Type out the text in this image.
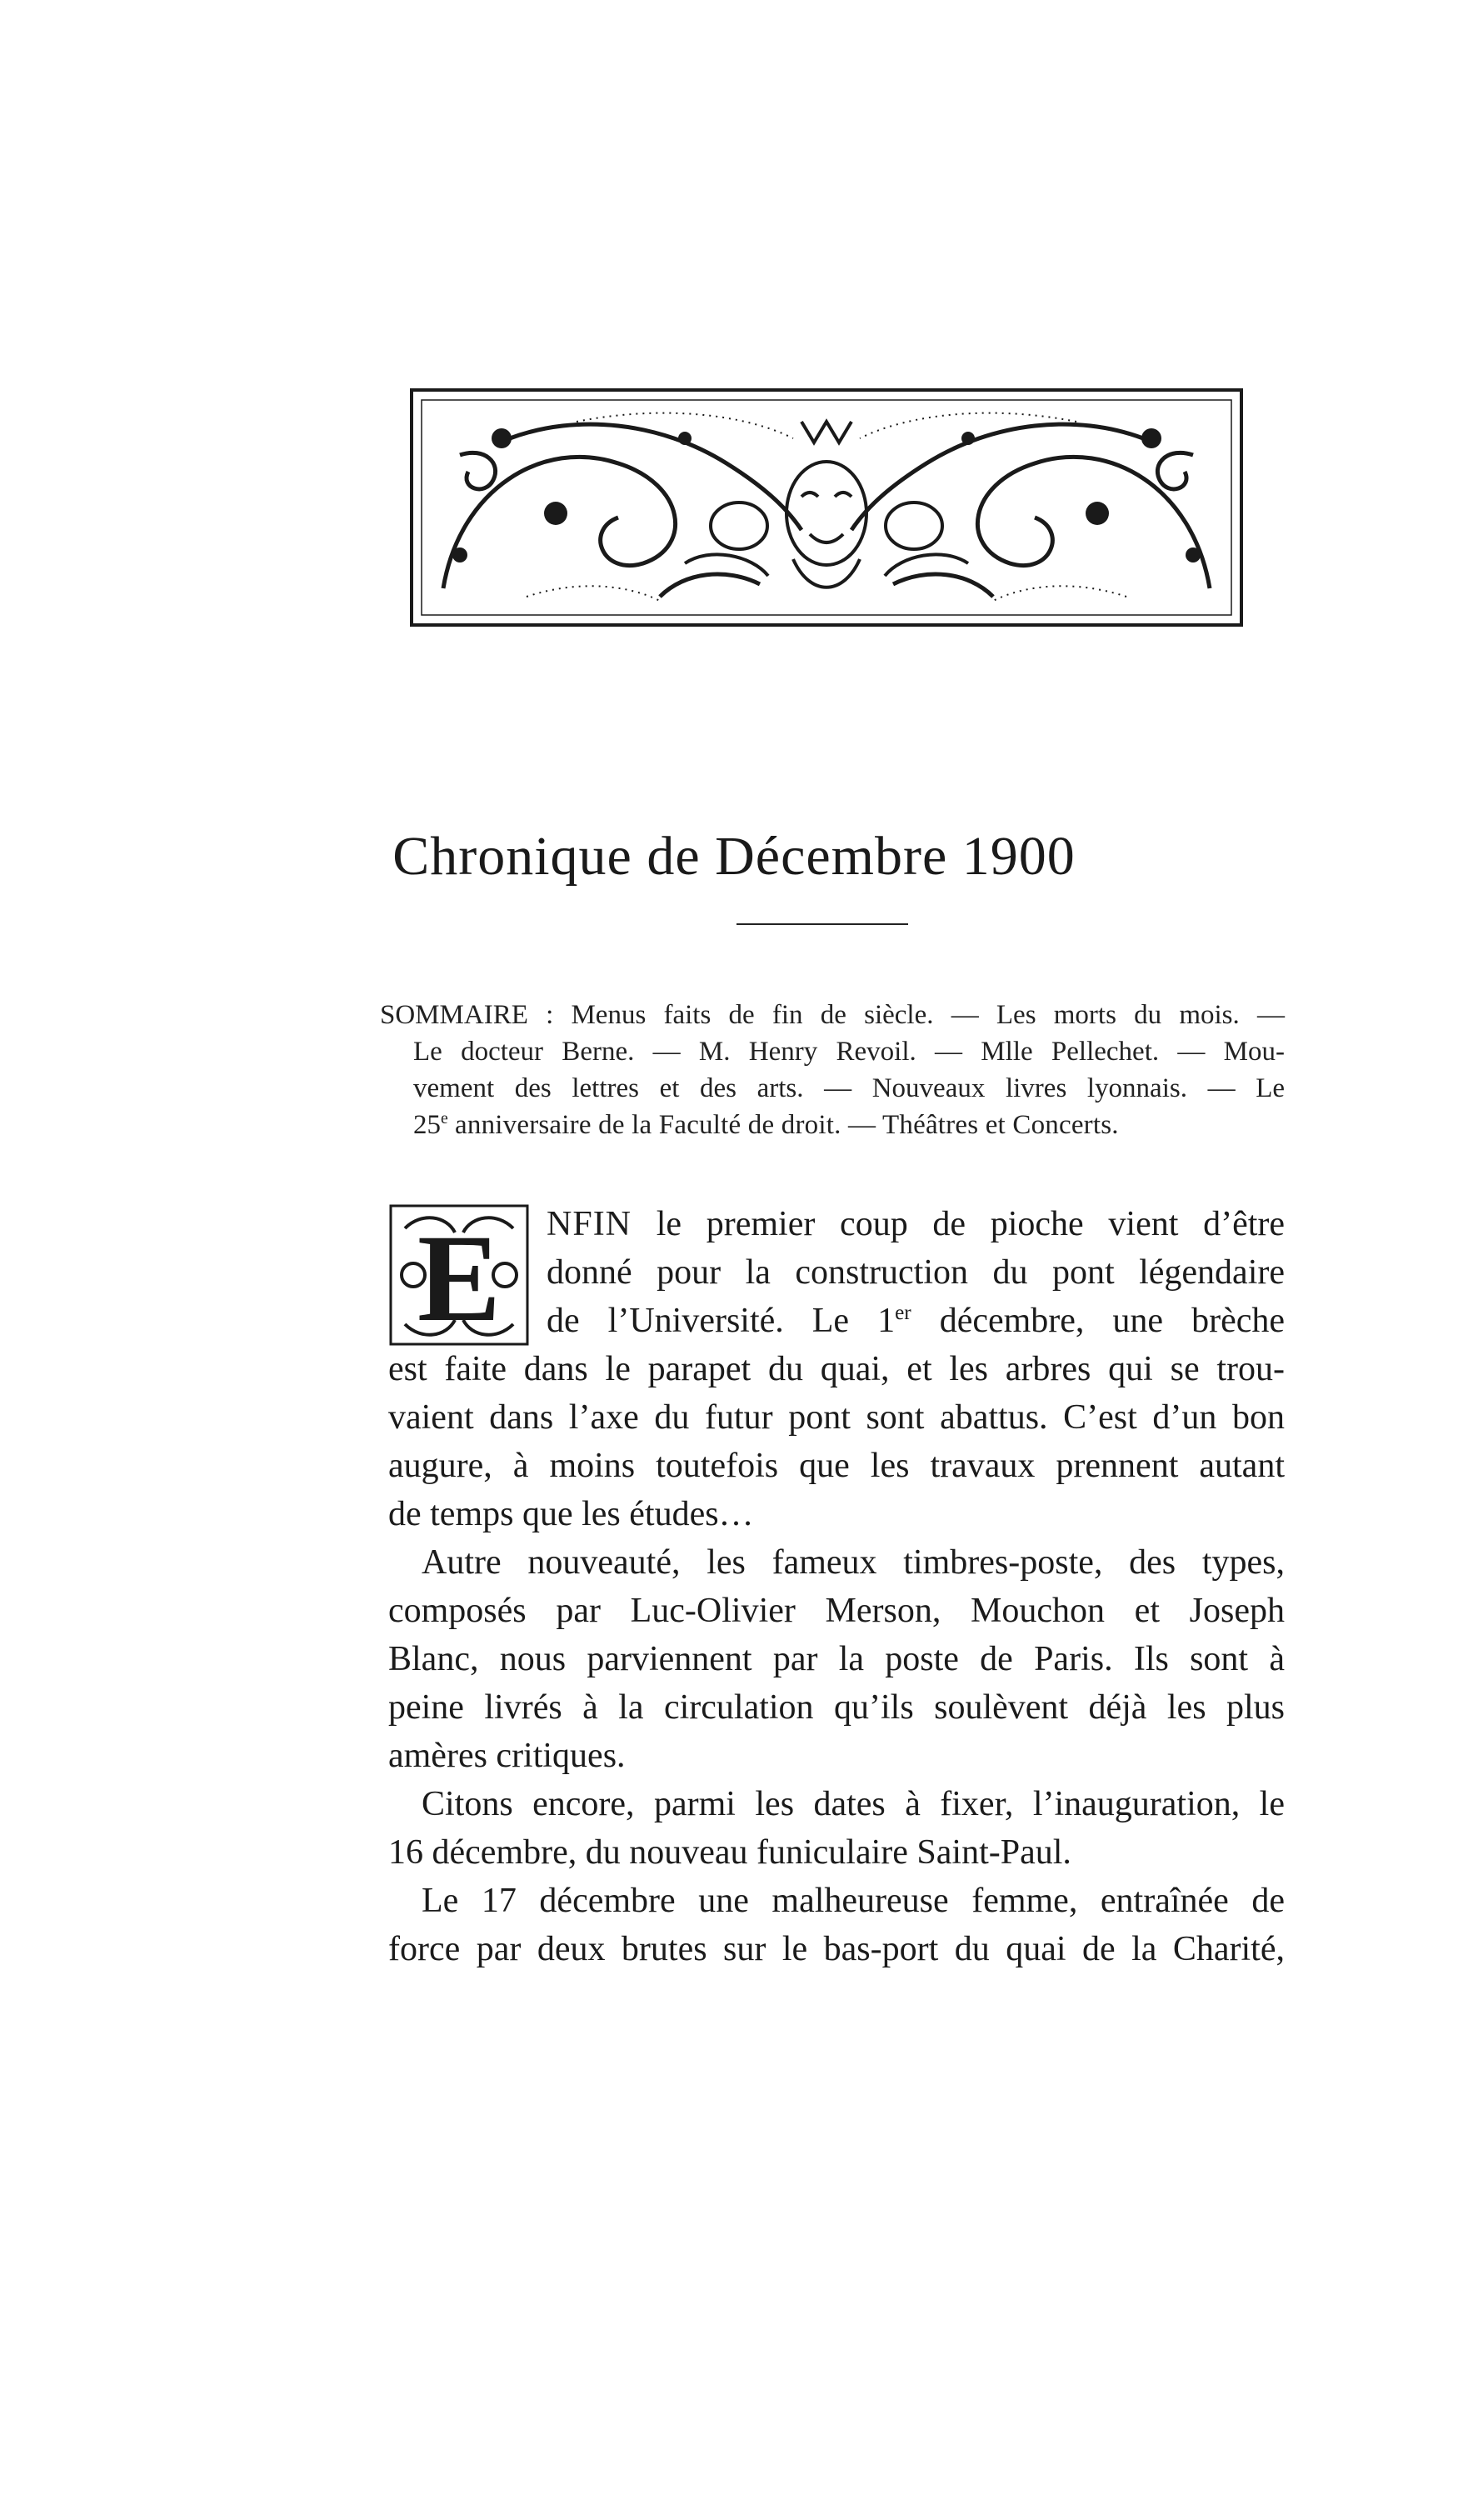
Chronique de Décembre 1900
SOMMAIRE : Menus faits de fin de siècle. — Les morts du mois. —
Le docteur Berne. — M. Henry Revoil. — Mlle Pellechet. — Mou-
vement des lettres et des arts. — Nouveaux livres lyonnais. — Le
25e anniversaire de la Faculté de droit. — Théâtres et Concerts.
E	NFIN le premier coup de pioche vient d’être
donné pour la construction du pont légendaire
de l’Université. Le 1er décembre, une brèche
est faite dans le parapet du quai, et les arbres qui se trou-
vaient dans l’axe du futur pont sont abattus. C’est d’un bon
augure, à moins toutefois que les travaux prennent autant
de temps que les études…
Autre nouveauté, les fameux timbres-poste, des types,
composés par Luc-Olivier Merson, Mouchon et Joseph
Blanc, nous parviennent par la poste de Paris. Ils sont à
peine livrés à la circulation qu’ils soulèvent déjà les plus
amères critiques.
Citons encore, parmi les dates à fixer, l’inauguration, le
16 décembre, du nouveau funiculaire Saint-Paul.
Le 17 décembre une malheureuse femme, entraînée de
force par deux brutes sur le bas-port du quai de la Charité,
